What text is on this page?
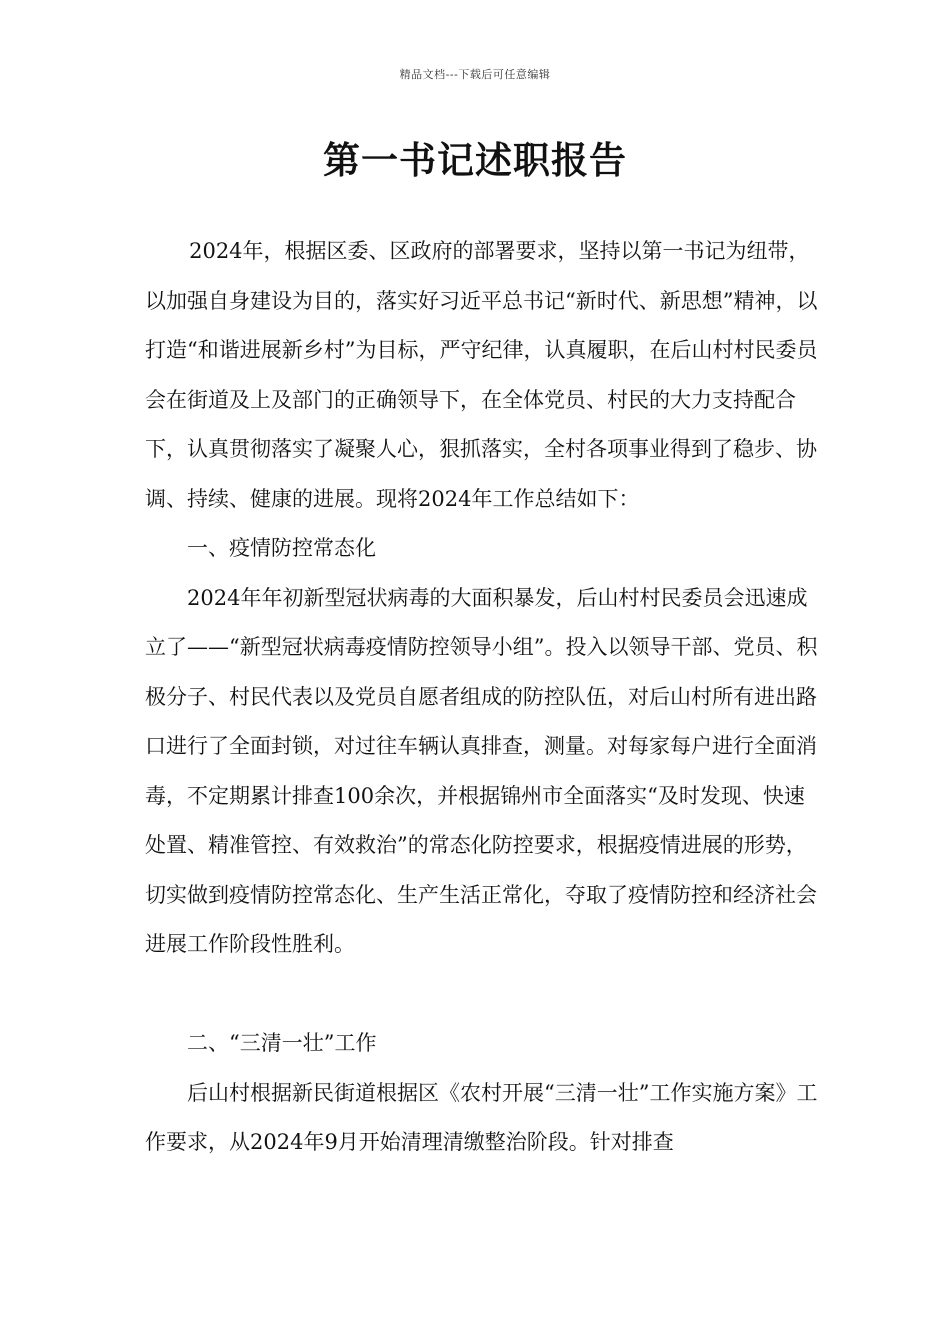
精品文档---下载后可任意编辑
第一书记述职报告

2024年，根据区委、区政府的部署要求，坚持以第一书记为纽带，以加强自身建设为目的，落实好习近平总书记“新时代、新思想”精神，以打造“和谐进展新乡村”为目标，严守纪律，认真履职，在后山村村民委员会在街道及上及部门的正确领导下，在全体党员、村民的大力支持配合下，认真贯彻落实了凝聚人心，狠抓落实，全村各项事业得到了稳步、协调、持续、健康的进展。现将2024年工作总结如下：

一、疫情防控常态化

2024年年初新型冠状病毒的大面积暴发，后山村村民委员会迅速成立了——“新型冠状病毒疫情防控领导小组”。投入以领导干部、党员、积极分子、村民代表以及党员自愿者组成的防控队伍，对后山村所有进出路口进行了全面封锁，对过往车辆认真排查，测量。对每家每户进行全面消毒，不定期累计排查100余次，并根据锦州市全面落实“及时发现、快速处置、精准管控、有效救治”的常态化防控要求，根据疫情进展的形势，切实做到疫情防控常态化、生产生活正常化，夺取了疫情防控和经济社会进展工作阶段性胜利。

二、“三清一壮”工作

后山村根据新民街道根据区《农村开展“三清一壮”工作实施方案》工作要求，从2024年9月开始清理清缴整治阶段。针对排查
